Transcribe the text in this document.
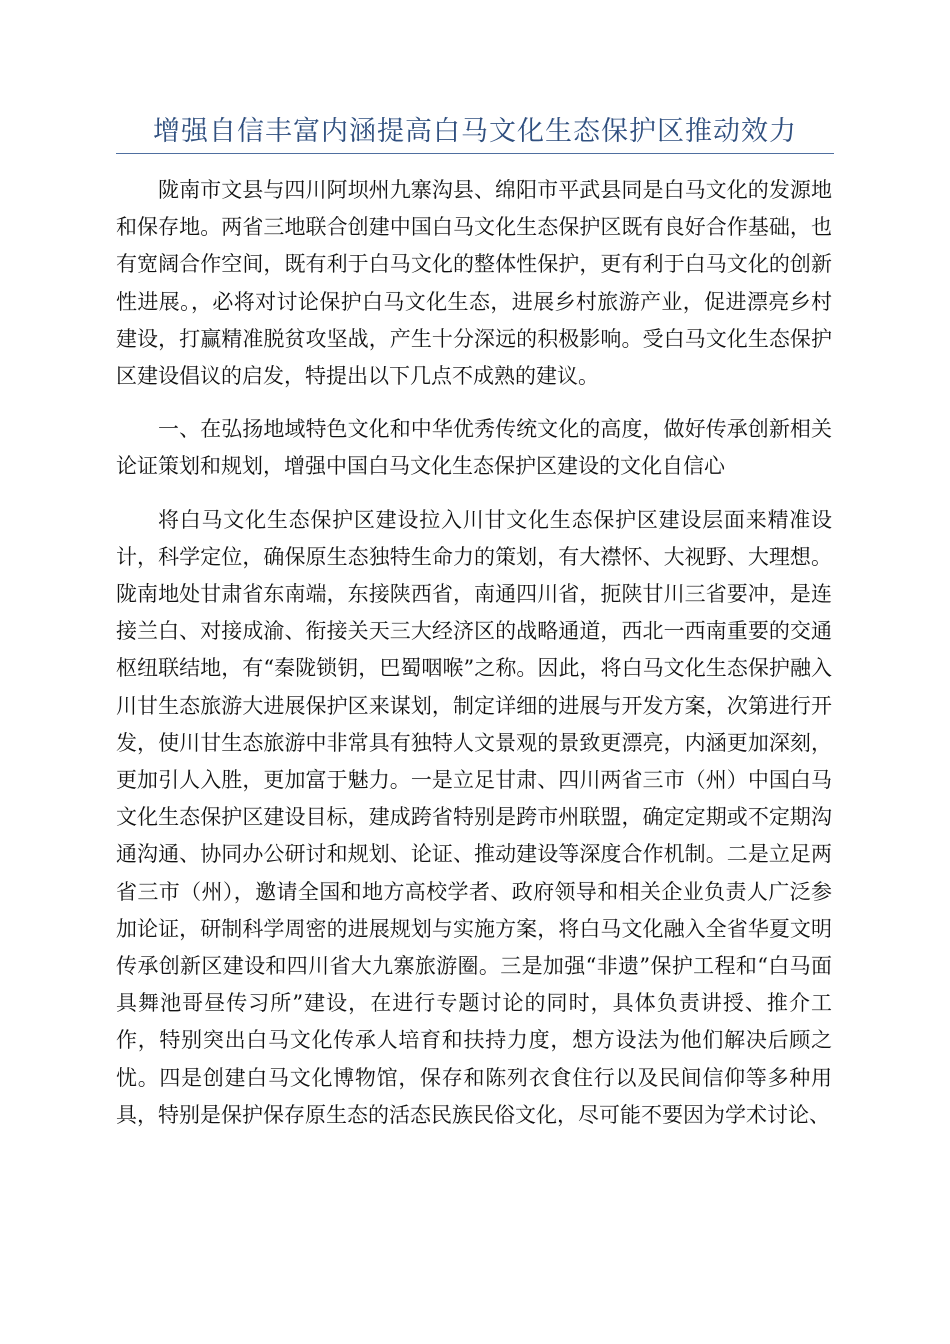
增强自信丰富内涵提高白马文化生态保护区推动效力

陇南市文县与四川阿坝州九寨沟县、绵阳市平武县同是白马文化的发源地和保存地。两省三地联合创建中国白马文化生态保护区既有良好合作基础，也有宽阔合作空间，既有利于白马文化的整体性保护，更有利于白马文化的创新性进展。，必将对讨论保护白马文化生态，进展乡村旅游产业，促进漂亮乡村建设，打赢精准脱贫攻坚战，产生十分深远的积极影响。受白马文化生态保护区建设倡议的启发，特提出以下几点不成熟的建议。

一、在弘扬地域特色文化和中华优秀传统文化的高度，做好传承创新相关论证策划和规划，增强中国白马文化生态保护区建设的文化自信心

将白马文化生态保护区建设拉入川甘文化生态保护区建设层面来精准设计，科学定位，确保原生态独特生命力的策划，有大襟怀、大视野、大理想。陇南地处甘肃省东南端，东接陕西省，南通四川省，扼陕甘川三省要冲，是连接兰白、对接成渝、衔接关天三大经济区的战略通道，西北一西南重要的交通枢纽联结地，有“秦陇锁钥，巴蜀咽喉”之称。因此，将白马文化生态保护融入川甘生态旅游大进展保护区来谋划，制定详细的进展与开发方案，次第进行开发，使川甘生态旅游中非常具有独特人文景观的景致更漂亮，内涵更加深刻，更加引人入胜，更加富于魅力。一是立足甘肃、四川两省三市（州）中国白马文化生态保护区建设目标，建成跨省特别是跨市州联盟，确定定期或不定期沟通沟通、协同办公研讨和规划、论证、推动建设等深度合作机制。二是立足两省三市（州），邀请全国和地方高校学者、政府领导和相关企业负责人广泛参加论证，研制科学周密的进展规划与实施方案，将白马文化融入全省华夏文明传承创新区建设和四川省大九寨旅游圈。三是加强“非遗”保护工程和“白马面具舞池哥昼传习所”建设，在进行专题讨论的同时，具体负责讲授、推介工作，特别突出白马文化传承人培育和扶持力度，想方设法为他们解决后顾之忧。四是创建白马文化博物馆，保存和陈列衣食住行以及民间信仰等多种用具，特别是保护保存原生态的活态民族民俗文化，尽可能不要因为学术讨论、
